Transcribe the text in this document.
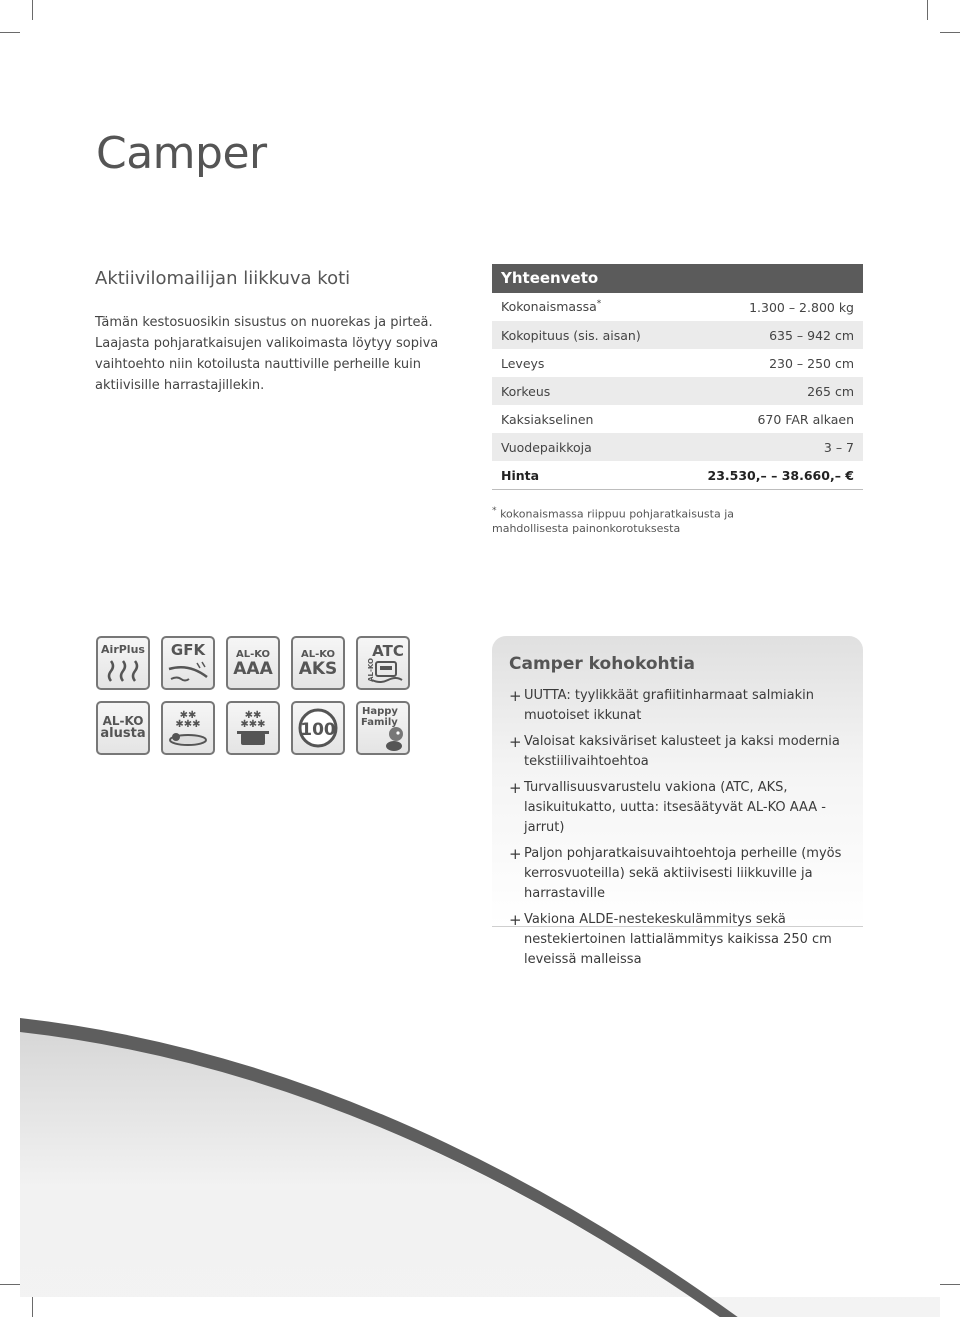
Camper
Aktiivilomailijan liikkuva koti

Tämän kestosuosikin sisustus on nuorekas ja pirteä. Laajasta pohjaratkaisujen valikoimasta löytyy sopiva vaihtoehto niin kotoilusta nauttiville perheille kuin aktiivisille harrastajillekin.

Yhteenveto
Kokonaismassa*	1.300 – 2.800 kg
Kokopituus (sis. aisan)	635 – 942 cm
Leveys	230 – 250 cm
Korkeus	265 cm
Kaksiakselinen	670 FAR alkaen
Vuodepaikkoja	3 – 7
Hinta	23.530,– – 38.660,– €

* kokonaismassa riippuu pohjaratkaisusta ja mahdollisesta painonkorotuksesta

AirPlus GFK	AL-KO
AAA
AL-KO
AKS
ATC
AL-KO
AL-KO
alusta
✱✱
✱✱✱
✱✱
✱✱✱ 100
Happy
Family
Camper kohokohtia
+ UUTTA: tyylikkäät grafiitinharmaat salmiakin muotoiset ikkunat
+ Valoisat kaksiväriset kalusteet ja kaksi modernia tekstiilivaihtoehtoa
+ Turvallisuusvarustelu vakiona (ATC, AKS, lasikuitukatto, uutta: itsesäätyvät AL-KO AAA -jarrut)
+ Paljon pohjaratkaisuvaihtoehtoja perheille (myös kerrosvuoteilla) sekä aktiivisesti liikkuville ja harrastaville
+ Vakiona ALDE-nestekeskulämmitys sekä nestekiertoinen lattialämmitys kaikissa 250 cm leveissä malleissa
